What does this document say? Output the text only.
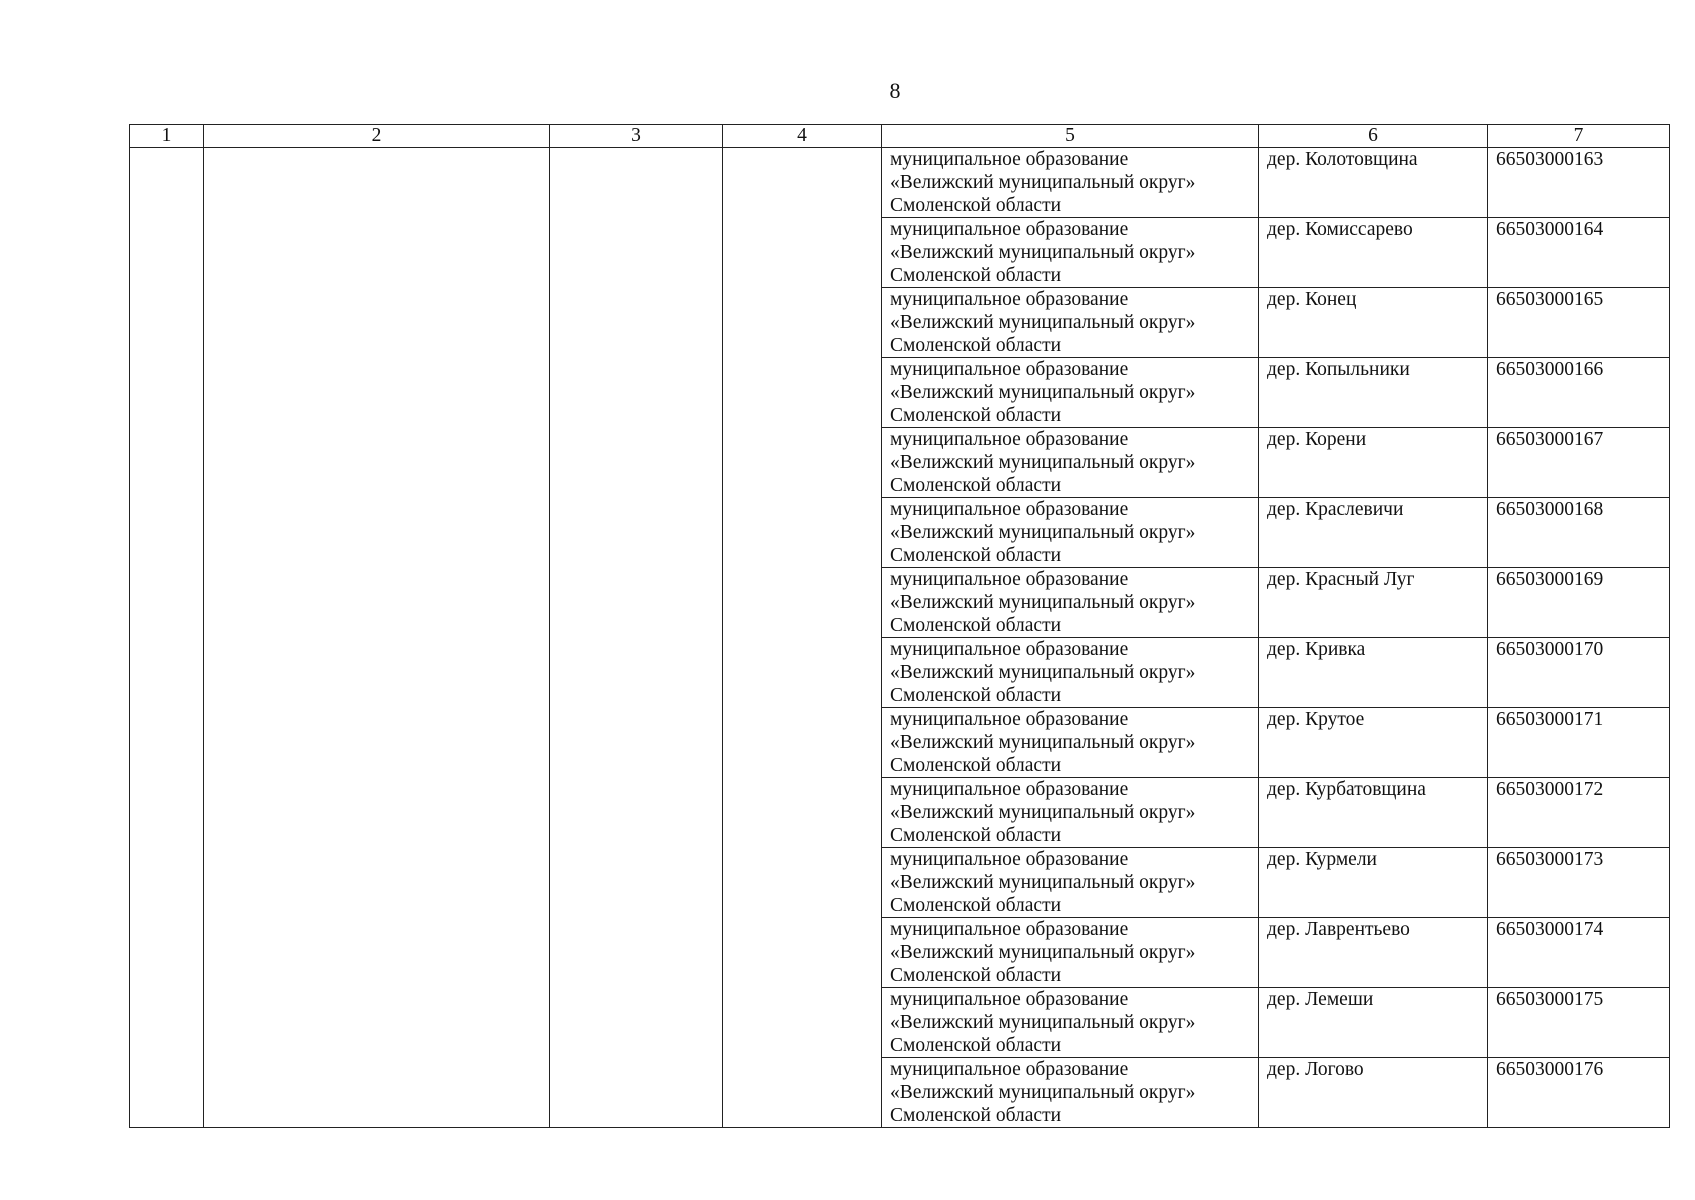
8
1	2	3	4	5	6	7

				муниципальное образование
«Велижский муниципальный округ»
Смоленской области	дер. Колотовщина	66503000163

				муниципальное образование
«Велижский муниципальный округ»
Смоленской области	дер. Комиссарево	66503000164

				муниципальное образование
«Велижский муниципальный округ»
Смоленской области	дер. Конец	66503000165

				муниципальное образование
«Велижский муниципальный округ»
Смоленской области	дер. Копыльники	66503000166

				муниципальное образование
«Велижский муниципальный округ»
Смоленской области	дер. Корени	66503000167

				муниципальное образование
«Велижский муниципальный округ»
Смоленской области	дер. Краслевичи	66503000168

				муниципальное образование
«Велижский муниципальный округ»
Смоленской области	дер. Красный Луг	66503000169

				муниципальное образование
«Велижский муниципальный округ»
Смоленской области	дер. Кривка	66503000170

				муниципальное образование
«Велижский муниципальный округ»
Смоленской области	дер. Крутое	66503000171

				муниципальное образование
«Велижский муниципальный округ»
Смоленской области	дер. Курбатовщина	66503000172

				муниципальное образование
«Велижский муниципальный округ»
Смоленской области	дер. Курмели	66503000173

				муниципальное образование
«Велижский муниципальный округ»
Смоленской области	дер. Лаврентьево	66503000174

				муниципальное образование
«Велижский муниципальный округ»
Смоленской области	дер. Лемеши	66503000175

				муниципальное образование
«Велижский муниципальный округ»
Смоленской области	дер. Логово	66503000176
